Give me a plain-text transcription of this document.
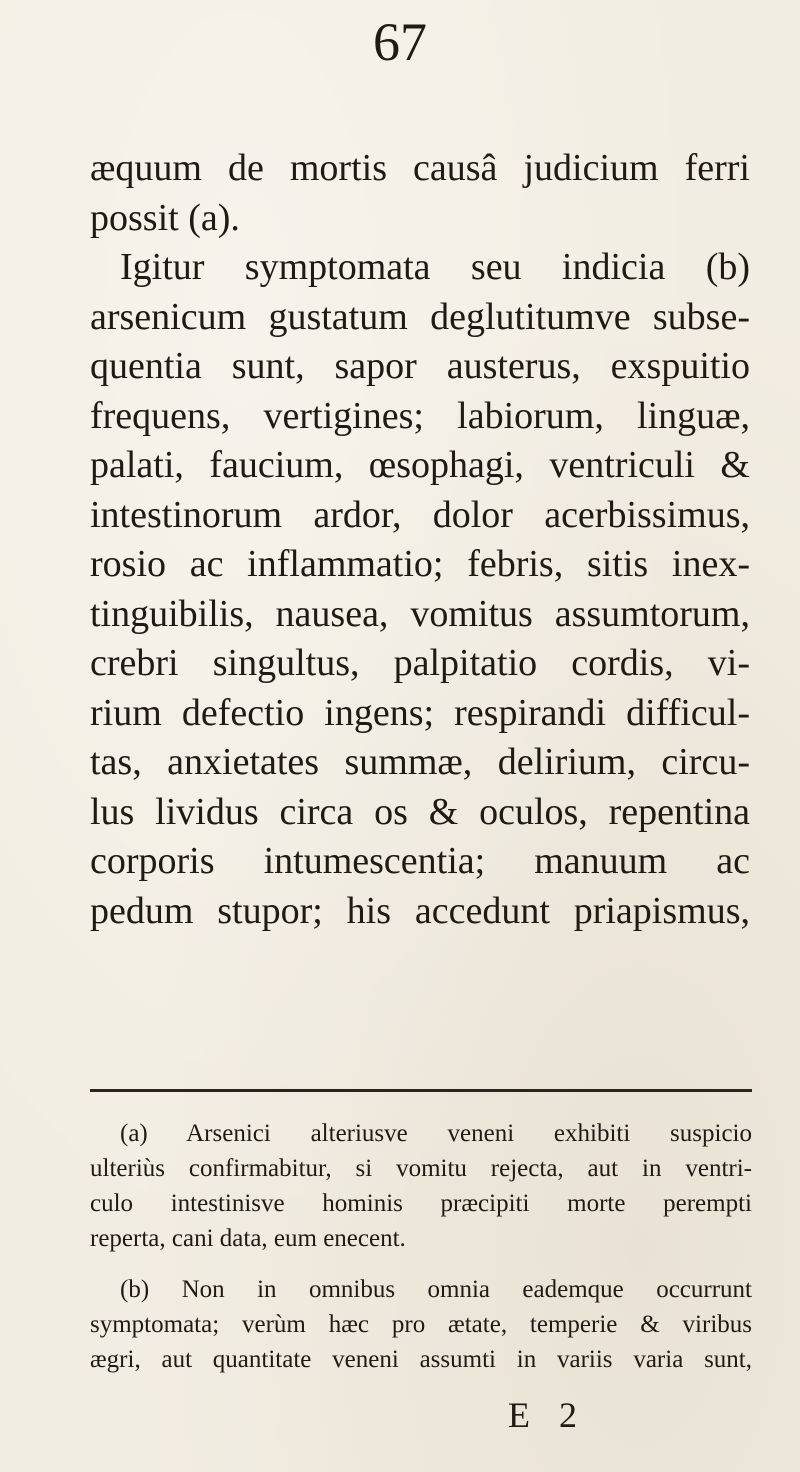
67
æquum de mortis causâ judicium ferri
possit (a).
Igitur symptomata seu indicia (b)
arsenicum gustatum deglutitumve subse-
quentia sunt, sapor austerus, exspuitio
frequens, vertigines; labiorum, linguæ,
palati, faucium, œsophagi, ventriculi &
intestinorum ardor, dolor acerbissimus,
rosio ac inflammatio; febris, sitis inex-
tinguibilis, nausea, vomitus assumtorum,
crebri singultus, palpitatio cordis, vi-
rium defectio ingens; respirandi difficul-
tas, anxietates summæ, delirium, circu-
lus lividus circa os & oculos, repentina
corporis intumescentia; manuum ac
pedum stupor; his accedunt priapismus,
(a) Arsenici alteriusve veneni exhibiti suspicio
ulteriùs confirmabitur, si vomitu rejecta, aut in ventri-
culo intestinisve hominis præcipiti morte perempti
reperta, cani data, eum enecent.
(b) Non in omnibus omnia eademque occurrunt
symptomata; verùm hæc pro ætate, temperie & viribus
ægri, aut quantitate veneni assumti in variis varia sunt,
E 2
